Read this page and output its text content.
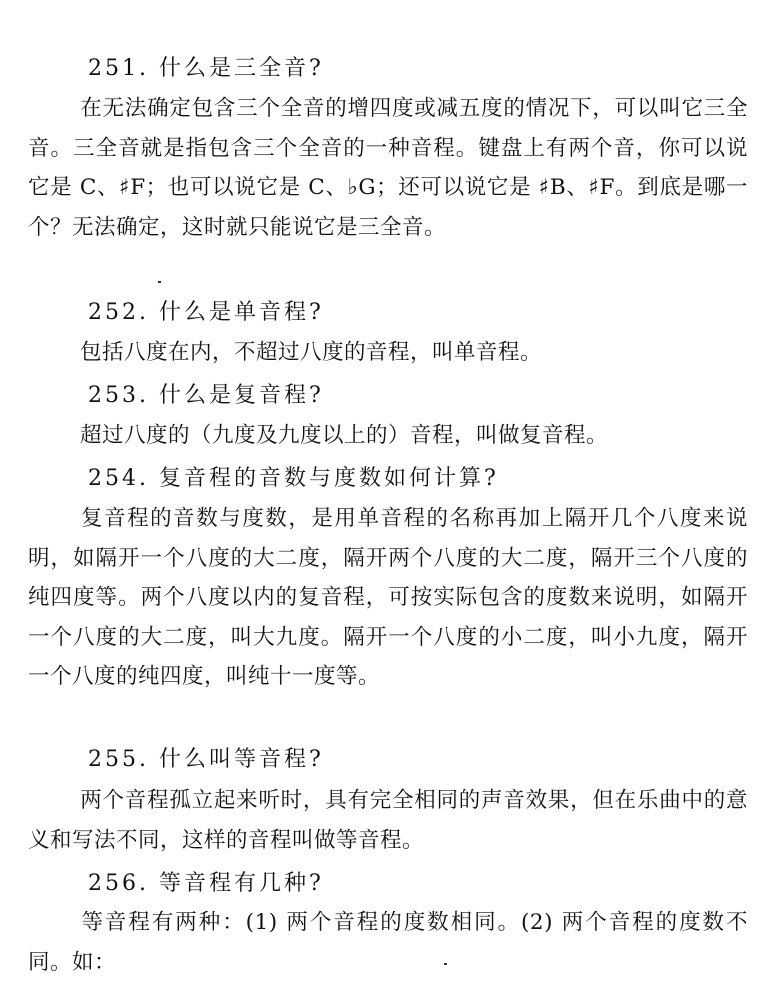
251. 什么是三全音?
在无法确定包含三个全音的增四度或减五度的情况下，可以叫它三全音。三全音就是指包含三个全音的一种音程。键盘上有两个音，你可以说它是 C、♯F；也可以说它是 C、♭G；还可以说它是 ♯B、♯F。到底是哪一个？无法确定，这时就只能说它是三全音。
252. 什么是单音程?
包括八度在内，不超过八度的音程，叫单音程。
253. 什么是复音程?
超过八度的（九度及九度以上的）音程，叫做复音程。
254. 复音程的音数与度数如何计算?
复音程的音数与度数，是用单音程的名称再加上隔开几个八度来说明，如隔开一个八度的大二度，隔开两个八度的大二度，隔开三个八度的纯四度等。两个八度以内的复音程，可按实际包含的度数来说明，如隔开一个八度的大二度，叫大九度。隔开一个八度的小二度，叫小九度，隔开一个八度的纯四度，叫纯十一度等。
255. 什么叫等音程?
两个音程孤立起来听时，具有完全相同的声音效果，但在乐曲中的意义和写法不同，这样的音程叫做等音程。
256. 等音程有几种?
等音程有两种：(1) 两个音程的度数相同。(2) 两个音程的度数不同。如：
